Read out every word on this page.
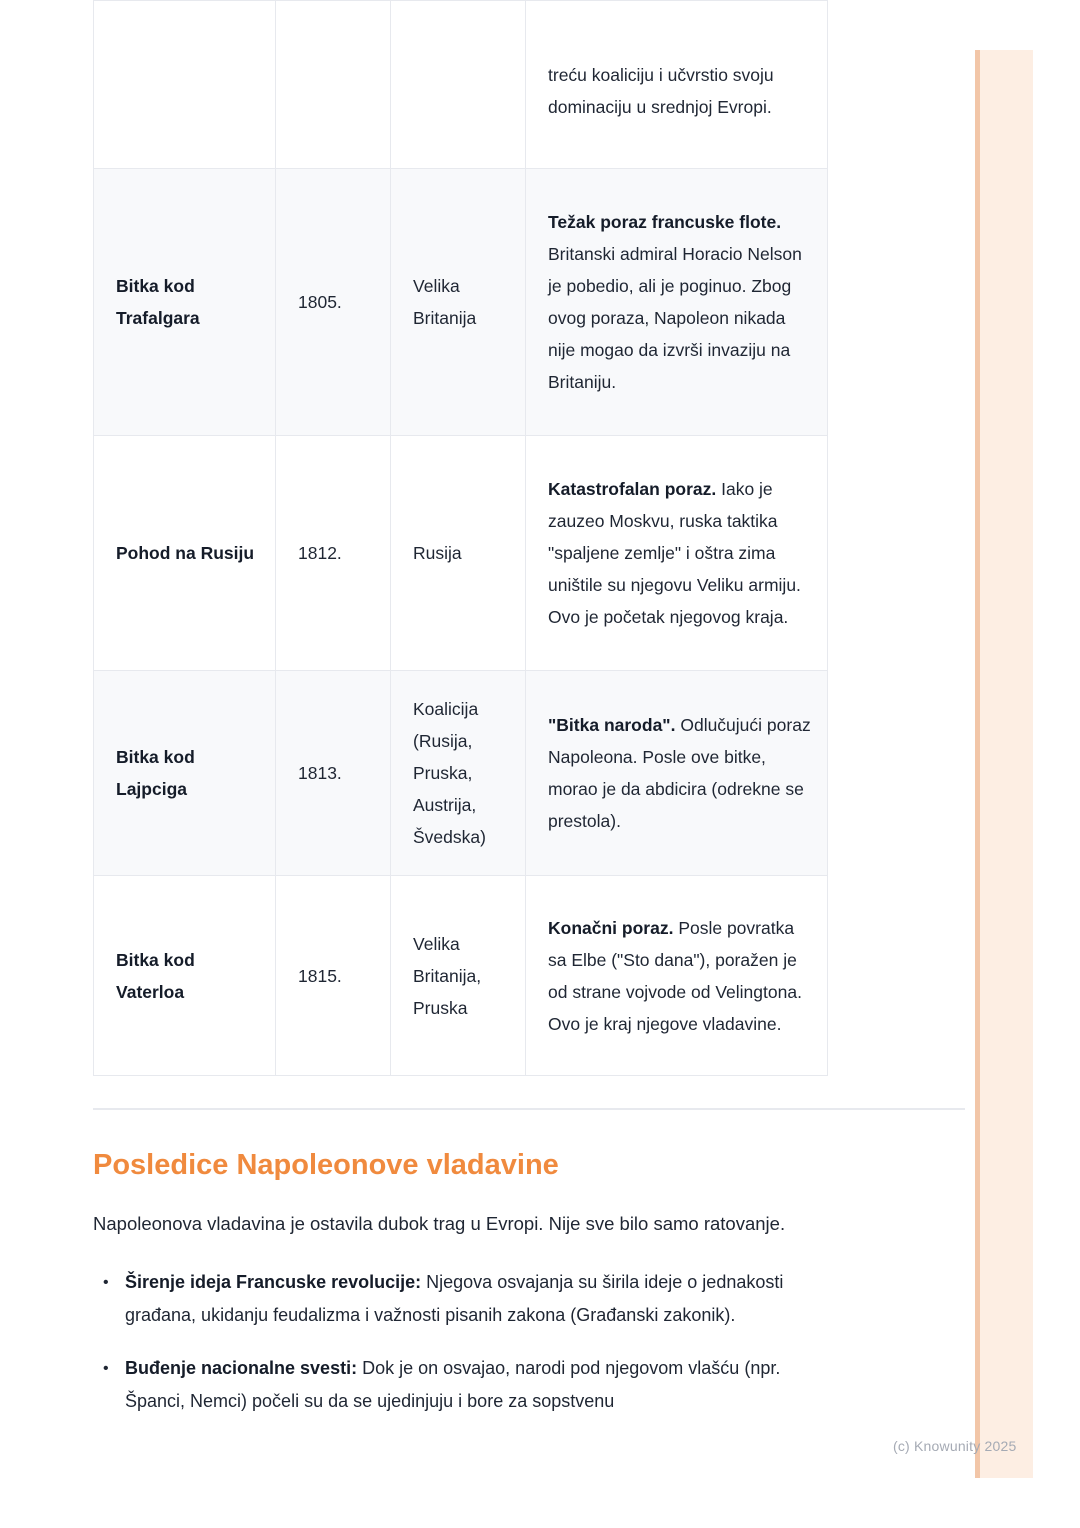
			treću koaliciju i učvrstio svoju dominaciju u srednjoj Evropi.
Bitka kod Trafalgara	1805.	Velika Britanija	Težak poraz francuske flote. Britanski admiral Horacio Nelson je pobedio, ali je poginuo. Zbog ovog poraza, Napoleon nikada nije mogao da izvrši invaziju na Britaniju.
Pohod na Rusiju	1812.	Rusija	Katastrofalan poraz. Iako je zauzeo Moskvu, ruska taktika "spaljene zemlje" i oštra zima uništile su njegovu Veliku armiju. Ovo je početak njegovog kraja.
Bitka kod Lajpciga	1813.	Koalicija (Rusija, Pruska, Austrija, Švedska)	"Bitka naroda". Odlučujući poraz Napoleona. Posle ove bitke, morao je da abdicira (odrekne se prestola).
Bitka kod Vaterloa	1815.	Velika Britanija, Pruska	Konačni poraz. Posle povratka sa Elbe ("Sto dana"), poražen je od strane vojvode od Velingtona. Ovo je kraj njegove vladavine.
Posledice Napoleonove vladavine

Napoleonova vladavina je ostavila dubok trag u Evropi. Nije sve bilo samo ratovanje.

• Širenje ideja Francuske revolucije: Njegova osvajanja su širila ideje o jednakosti građana, ukidanju feudalizma i važnosti pisanih zakona (Građanski zakonik).
• Buđenje nacionalne svesti: Dok je on osvajao, narodi pod njegovom vlašću (npr. Španci, Nemci) počeli su da se ujedinjuju i bore za sopstvenu
(c) Knowunity 2025
